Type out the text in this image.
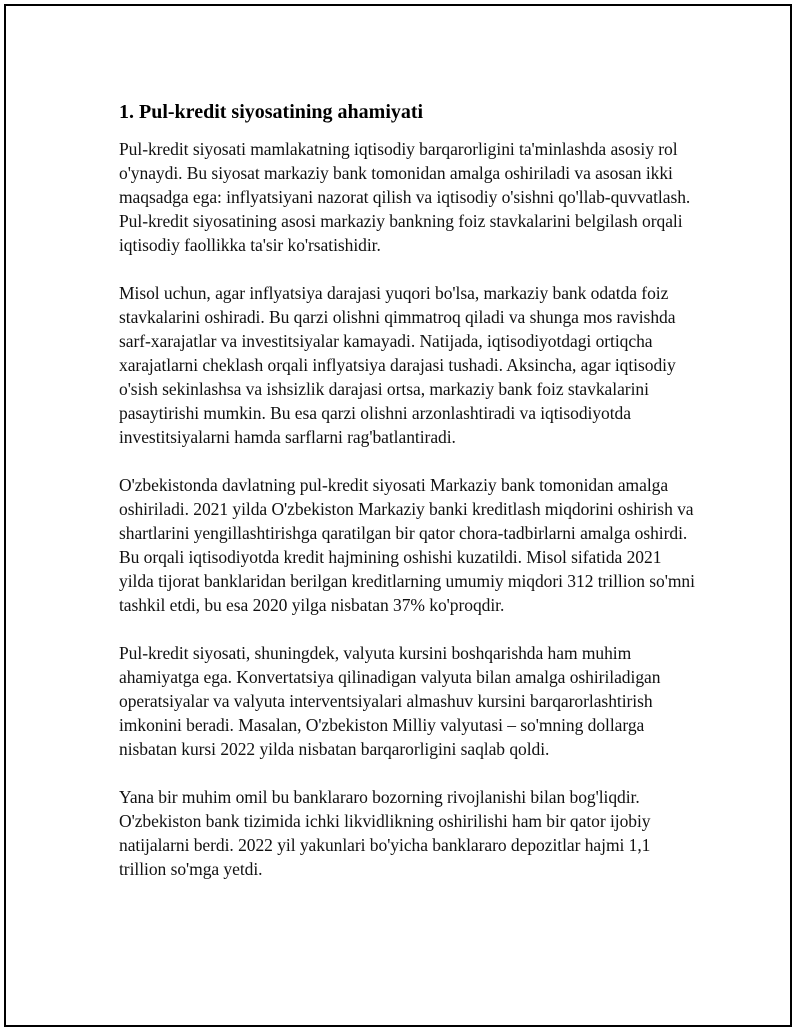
1. Pul-kredit siyosatining ahamiyati

Pul-kredit siyosati mamlakatning iqtisodiy barqarorligini ta'minlashda asosiy rol o'ynaydi. Bu siyosat markaziy bank tomonidan amalga oshiriladi va asosan ikki maqsadga ega: inflyatsiyani nazorat qilish va iqtisodiy o'sishni qo'llab-quvvatlash. Pul-kredit siyosatining asosi markaziy bankning foiz stavkalarini belgilash orqali iqtisodiy faollikka ta'sir ko'rsatishidir.

Misol uchun, agar inflyatsiya darajasi yuqori bo'lsa, markaziy bank odatda foiz stavkalarini oshiradi. Bu qarzi olishni qimmatroq qiladi va shunga mos ravishda sarf-xarajatlar va investitsiyalar kamayadi. Natijada, iqtisodiyotdagi ortiqcha xarajatlarni cheklash orqali inflyatsiya darajasi tushadi. Aksincha, agar iqtisodiy o'sish sekinlashsa va ishsizlik darajasi ortsa, markaziy bank foiz stavkalarini pasaytirishi mumkin. Bu esa qarzi olishni arzonlashtiradi va iqtisodiyotda investitsiyalarni hamda sarflarni rag'batlantiradi.

O'zbekistonda davlatning pul-kredit siyosati Markaziy bank tomonidan amalga oshiriladi. 2021 yilda O'zbekiston Markaziy banki kreditlash miqdorini oshirish va shartlarini yengillashtirishga qaratilgan bir qator chora-tadbirlarni amalga oshirdi. Bu orqali iqtisodiyotda kredit hajmining oshishi kuzatildi. Misol sifatida 2021 yilda tijorat banklaridan berilgan kreditlarning umumiy miqdori 312 trillion so'mni tashkil etdi, bu esa 2020 yilga nisbatan 37% ko'proqdir.

Pul-kredit siyosati, shuningdek, valyuta kursini boshqarishda ham muhim ahamiyatga ega. Konvertatsiya qilinadigan valyuta bilan amalga oshiriladigan operatsiyalar va valyuta interventsiyalari almashuv kursini barqarorlashtirish imkonini beradi. Masalan, O'zbekiston Milliy valyutasi – so'mning dollarga nisbatan kursi 2022 yilda nisbatan barqarorligini saqlab qoldi.

Yana bir muhim omil bu banklararo bozorning rivojlanishi bilan bog'liqdir. O'zbekiston bank tizimida ichki likvidlikning oshirilishi ham bir qator ijobiy natijalarni berdi. 2022 yil yakunlari bo'yicha banklararo depozitlar hajmi 1,1 trillion so'mga yetdi.
